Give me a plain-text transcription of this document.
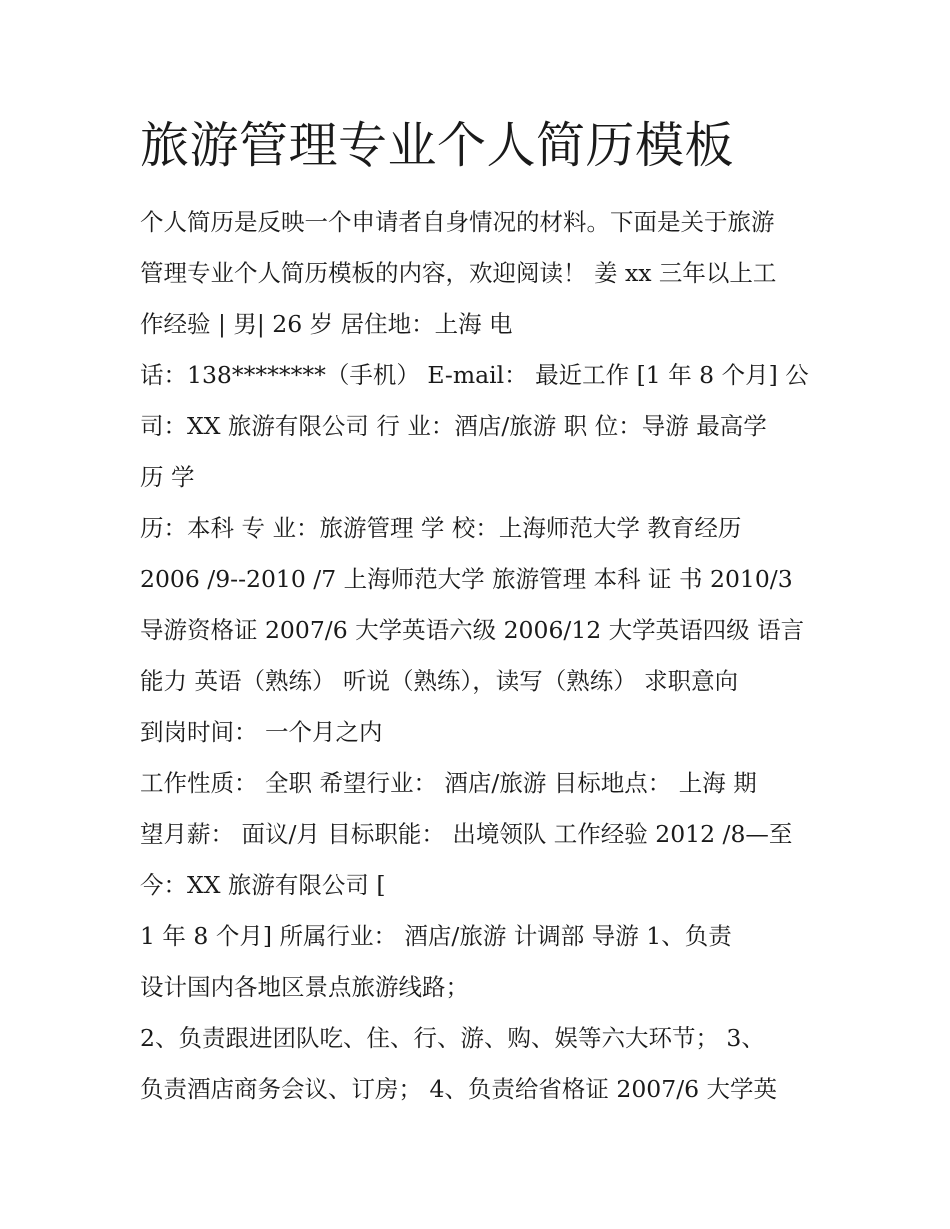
旅游管理专业个人简历模板

个人简历是反映一个申请者自身情况的材料。下面是关于旅游

管理专业个人简历模板的内容，欢迎阅读！ 姜 xx 三年以上工

作经验 | 男| 26 岁 居住地：上海 电

话：138********（手机） E-mail： 最近工作 [1 年 8 个月] 公

司：XX 旅游有限公司 行 业：酒店/旅游 职 位：导游 最高学

历 学

历：本科 专 业：旅游管理 学 校：上海师范大学 教育经历

2006 /9--2010 /7 上海师范大学 旅游管理 本科 证 书 2010/3

导游资格证 2007/6 大学英语六级 2006/12 大学英语四级 语言

能力 英语（熟练） 听说（熟练），读写（熟练） 求职意向

到岗时间： 一个月之内

工作性质： 全职 希望行业： 酒店/旅游 目标地点： 上海 期

望月薪： 面议/月 目标职能： 出境领队 工作经验 2012 /8—至

今：XX 旅游有限公司 [

1 年 8 个月] 所属行业： 酒店/旅游 计调部 导游 1、负责

设计国内各地区景点旅游线路；

2、负责跟进团队吃、住、行、游、购、娱等六大环节； 3、

负责酒店商务会议、订房； 4、负责给省格证 2007/6 大学英
